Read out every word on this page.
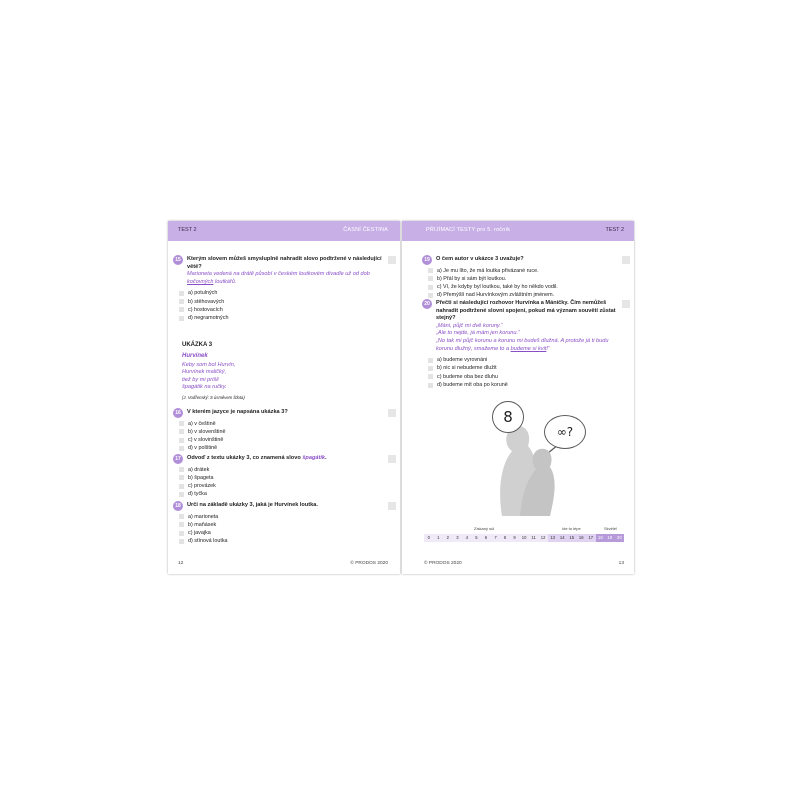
TEST 2	ČASNÍ ČESTINA
15	Kterým slovem můžeš smysluplně nahradit slovo podtržené v následující větě?
Marioneta vedená na drátě působí v českém loutkovém divadle už od dob kočovných loutkářů.
a) potulných
b) stěhovavých
c) hostovacích
d) negramotných
UKÁZKA 3
Hurvínek
Keby som bol Hurvín,
Hurvínek maličký,
tiež by mi prišli
špagátik na ručky.
(J. Voďřenský: S úsměvem štlota)
16	V kterém jazyce je napsána ukázka 3?
a) v češtině
b) v slovenštině
c) v slovinštině
d) v polštině
17	Odvoď z textu ukázky 3, co znamená slovo špagátik.
a) drátek
b) špageta
c) provázek
d) tyčka
18	Urči na základě ukázky 3, jaká je Hurvínek loutka.
a) marioneta
b) maňásek
c) javajka
d) stínová loutka
12	© PRODOS 2020
PŘIJÍMACÍ TESTY pro 5. ročník	TEST 2
19	O čem autor v ukázce 3 uvažuje?
a) Je mu líto, že má loutka přivázané ruce.
b) Přál by si sám být loutkou.
c) Ví, že kdyby byl loutkou, také by ho někdo vodil.
d) Přemýšlí nad Hurvínkovým zvláštním jménem.
20	Přečti si následující rozhovor Hurvínka a Máničky. Čím nemůžeš nahradit podtržené slovní spojení, pokud má význam souvětí zůstat stejný?
„Máni, půjč mi dvě koruny.“
„Ale to nejde, já mám jen korunu.“
„No tak mi půjč korunu a korunu mi budeš dlužná. A protože já ti budu korunu dlužný, smažeme to a budeme si kvit!“
a) budeme vyrovnáni
b) nic si nebudeme dlužit
c) budeme oba bez dluhu
d) budeme mít oba po koruně
8
∞?
Získaný súl	Ide to lépe	Skvělé!
0	1	2	3	4	5	6	7	8	9	10	11	12	13	14	15	16	17	18	19	20
© PRODOS 2020	13
